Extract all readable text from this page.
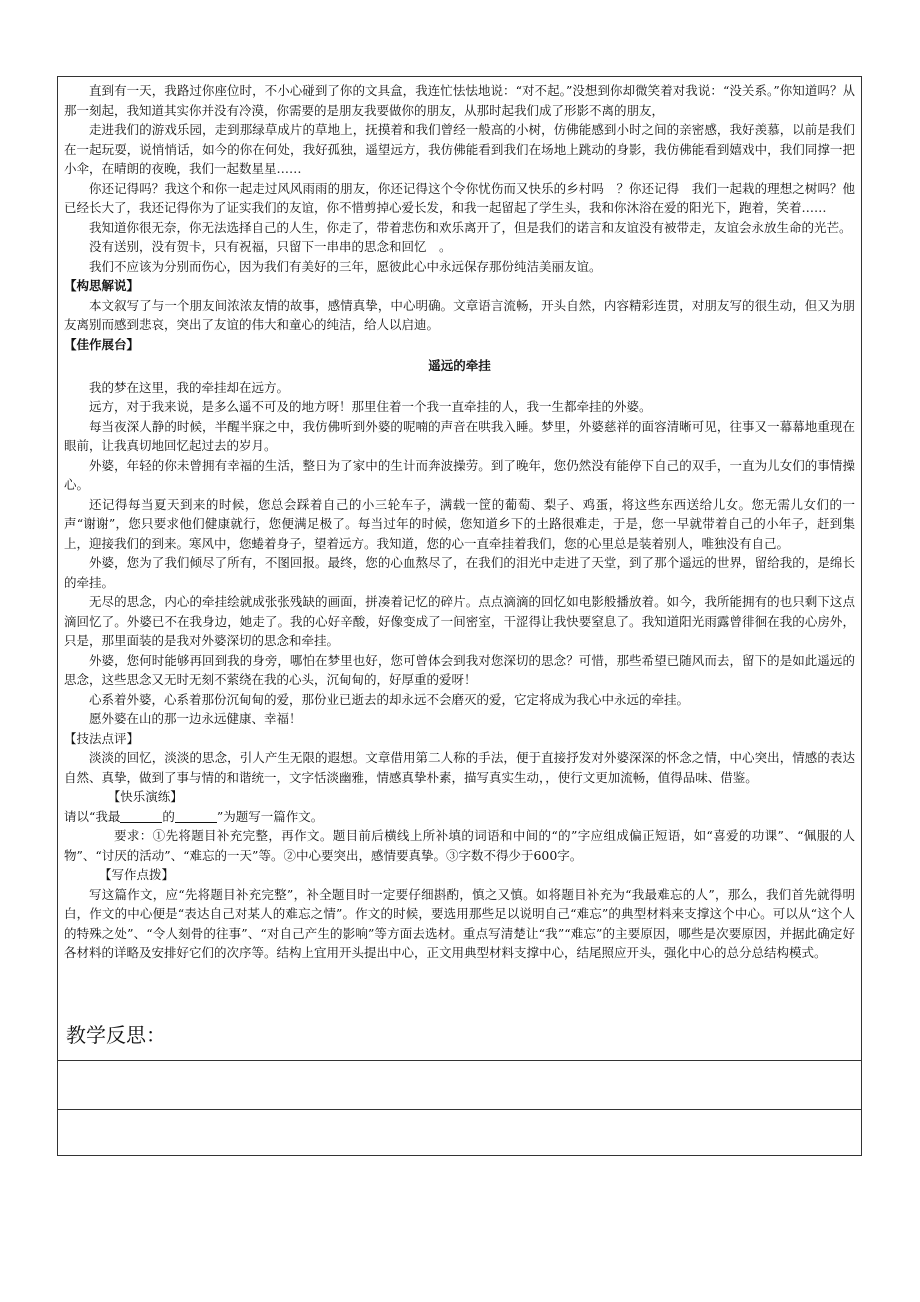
直到有一天，我路过你座位时，不小心碰到了你的文具盒，我连忙怯怯地说：“对不起。”没想到你却微笑着对我说：“没关系。”你知道吗？从那一刻起，我知道其实你并没有冷漠，你需要的是朋友我要做你的朋友，从那时起我们成了形影不离的朋友，

走进我们的游戏乐园，走到那绿草成片的草地上，抚摸着和我们曾经一般高的小树，仿佛能感到小时之间的亲密感，我好羡慕，以前是我们在一起玩耍，说悄悄话，如今的你在何处，我好孤独，遥望远方，我仿佛能看到我们在场地上跳动的身影，我仿佛能看到嬉戏中，我们同撑一把小伞，在晴朗的夜晚，我们一起数星星……

你还记得吗？我这个和你一起走过风风雨雨的朋友，你还记得这个令你忧伤而又快乐的乡村吗　？你还记得　我们一起栽的理想之树吗？他已经长大了，我还记得你为了证实我们的友谊，你不惜剪掉心爱长发，和我一起留起了学生头，我和你沐浴在爱的阳光下，跑着，笑着……

我知道你很无奈，你无法选择自己的人生，你走了，带着悲伤和欢乐离开了，但是我们的诺言和友谊没有被带走，友谊会永放生命的光芒。

没有送别，没有贺卡，只有祝福，只留下一串串的思念和回忆　。

我们不应该为分别而伤心，因为我们有美好的三年，愿彼此心中永远保存那份纯洁美丽友谊。

【构思解说】

本文叙写了与一个朋友间浓浓友情的故事，感情真挚，中心明确。文章语言流畅，开头自然，内容精彩连贯，对朋友写的很生动，但又为朋友离别而感到悲哀，突出了友谊的伟大和童心的纯洁，给人以启迪。

【佳作展台】

遥远的牵挂

我的梦在这里，我的牵挂却在远方。

远方，对于我来说，是多么遥不可及的地方呀！那里住着一个我一直牵挂的人，我一生都牵挂的外婆。

每当夜深人静的时候，半醒半寐之中，我仿佛听到外婆的呢喃的声音在哄我入睡。梦里，外婆慈祥的面容清晰可见，往事又一幕幕地重现在眼前，让我真切地回忆起过去的岁月。

外婆，年轻的你未曾拥有幸福的生活，整日为了家中的生计而奔波操劳。到了晚年，您仍然没有能停下自己的双手，一直为儿女们的事情操心。

还记得每当夏天到来的时候，您总会踩着自己的小三轮车子，满载一筐的葡萄、梨子、鸡蛋，将这些东西送给儿女。您无需儿女们的一声“谢谢”，您只要求他们健康就行，您便满足极了。每当过年的时候，您知道乡下的土路很难走，于是，您一早就带着自己的小年子，赶到集上，迎接我们的到来。寒风中，您蜷着身子，望着远方。我知道，您的心一直牵挂着我们，您的心里总是装着别人，唯独没有自己。

外婆，您为了我们倾尽了所有，不图回报。最终，您的心血熬尽了，在我们的泪光中走进了天堂，到了那个遥远的世界，留给我的，是绵长的牵挂。

无尽的思念，内心的牵挂绘就成张张残缺的画面，拼凑着记忆的碎片。点点滴滴的回忆如电影般播放着。如今，我所能拥有的也只剩下这点滴回忆了。外婆已不在我身边，她走了。我的心好辛酸，好像变成了一间密室，干涩得让我快要窒息了。我知道阳光雨露曾徘徊在我的心房外，只是，那里面装的是我对外婆深切的思念和牵挂。

外婆，您何时能够再回到我的身旁，哪怕在梦里也好，您可曾体会到我对您深切的思念？可惜，那些希望已随风而去，留下的是如此遥远的思念，这些思念又无时无刻不萦绕在我的心头，沉甸甸的，好厚重的爱呀！

心系着外婆，心系着那份沉甸甸的爱，那份业已逝去的却永远不会磨灭的爱，它定将成为我心中永远的牵挂。

愿外婆在山的那一边永远健康、幸福！

【技法点评】

淡淡的回忆，淡淡的思念，引人产生无限的遐想。文章借用第二人称的手法，便于直接抒发对外婆深深的怀念之情，中心突出，情感的表达自然、真挚，做到了事与情的和谐统一，文字恬淡幽雅，情感真挚朴素，描写真实生动，，使行文更加流畅，值得品味、借鉴。

【快乐演练】

请以“我最	的	”为题写一篇作文。

要求：①先将题目补充完整，再作文。题目前后横线上所补填的词语和中间的“的”字应组成偏正短语，如“喜爱的功课”、“佩服的人物”、“讨厌的活动”、“难忘的一天”等。②中心要突出，感情要真挚。③字数不得少于600字。

【写作点拨】

写这篇作文，应“先将题目补充完整”，补全题目时一定要仔细斟酌，慎之又慎。如将题目补充为“我最难忘的人”，那么，我们首先就得明白，作文的中心便是“表达自己对某人的难忘之情”。作文的时候，要选用那些足以说明自己“难忘”的典型材料来支撑这个中心。可以从“这个人的特殊之处”、“令人刻骨的往事”、“对自己产生的影响”等方面去选材。重点写清楚让“我”“难忘”的主要原因，哪些是次要原因，并据此确定好各材料的详略及安排好它们的次序等。结构上宜用开头提出中心，正文用典型材料支撑中心，结尾照应开头，强化中心的总分总结构模式。

教学反思：
